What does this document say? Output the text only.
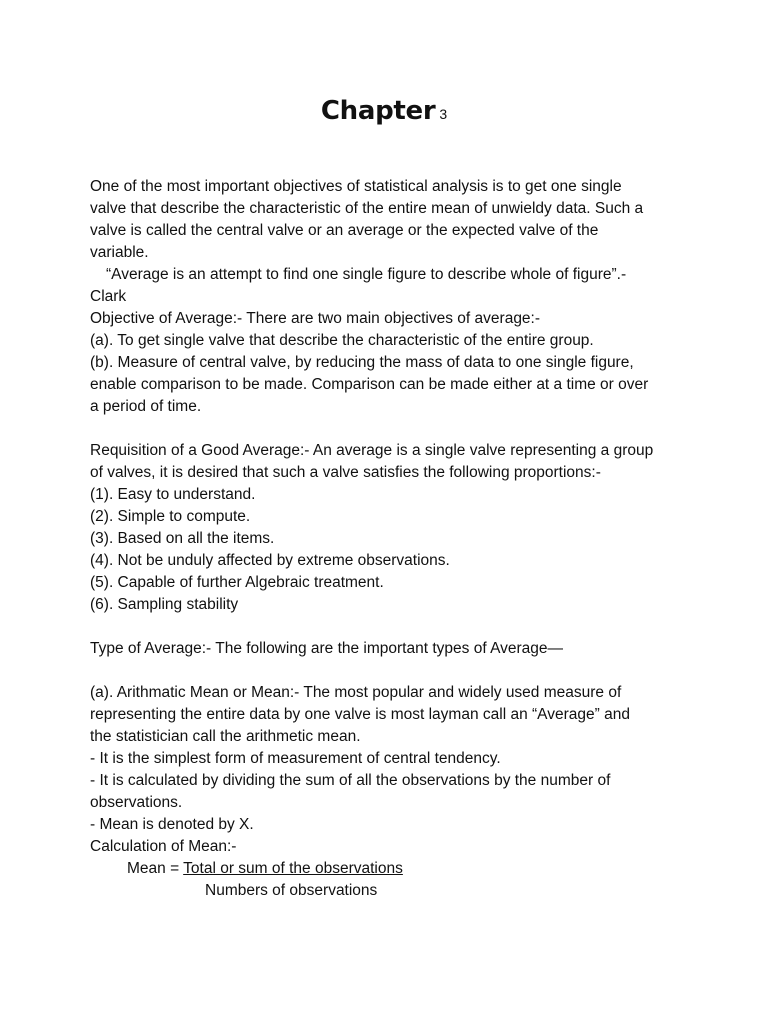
Chapter 3
One of the most important objectives of statistical analysis is to get one single
valve that describe the characteristic of the entire mean of unwieldy data. Such a
valve is called the central valve or an average or the expected valve of the
variable.
“Average is an attempt to find one single figure to describe whole of figure”.-
Clark
Objective of Average:- There are two main objectives of average:-
(a). To get single valve that describe the characteristic of the entire group.
(b). Measure of central valve, by reducing the mass of data to one single figure,
enable comparison to be made. Comparison can be made either at a time or over
a period of time.
Requisition of a Good Average:- An average is a single valve representing a group
of valves, it is desired that such a valve satisfies the following proportions:-
(1). Easy to understand.
(2). Simple to compute.
(3). Based on all the items.
(4). Not be unduly affected by extreme observations.
(5). Capable of further Algebraic treatment.
(6). Sampling stability
Type of Average:- The following are the important types of Average—
(a). Arithmatic Mean or Mean:- The most popular and widely used measure of
representing the entire data by one valve is most layman call an “Average” and
the statistician call the arithmetic mean.
- It is the simplest form of measurement of central tendency.
- It is calculated by dividing the sum of all the observations by the number of
observations.
- Mean is denoted by X.
Calculation of Mean:-
Mean = Total or sum of the observations
Numbers of observations
